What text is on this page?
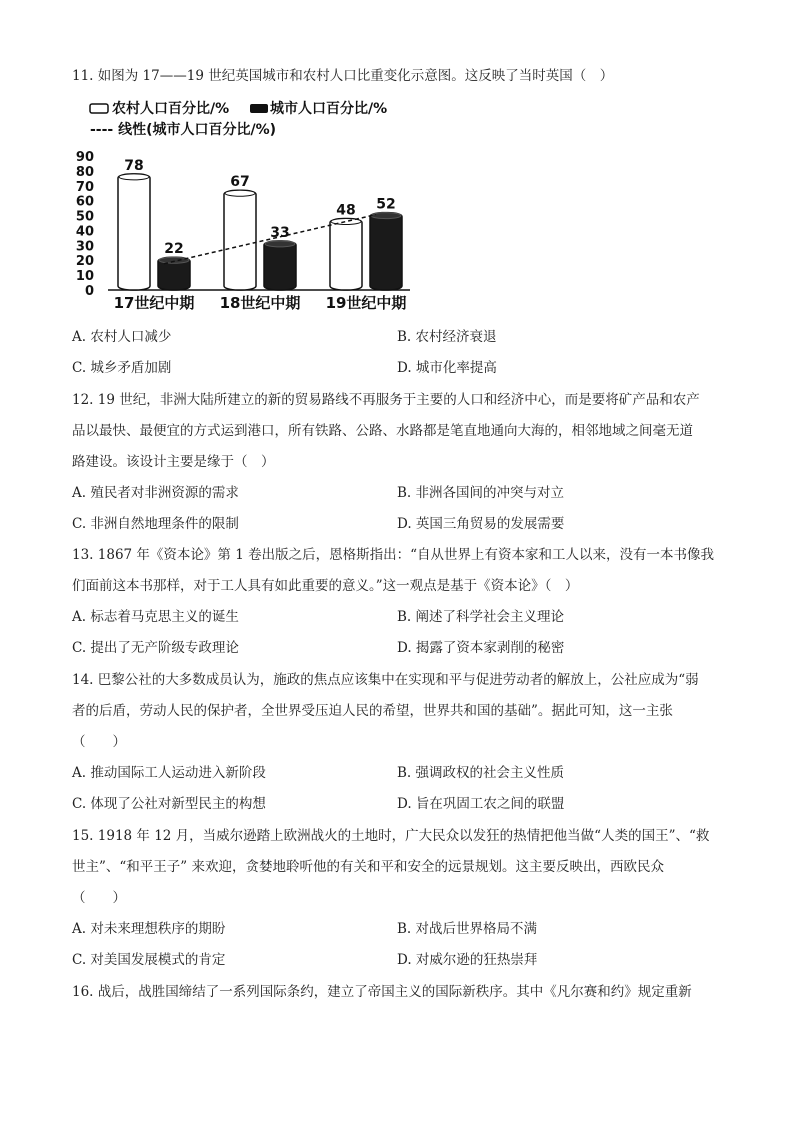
11. 如图为 17——19 世纪英国城市和农村人口比重变化示意图。这反映了当时英国（　）
农村人口百分比/%	城市人口百分比/%
---- 线性(城市人口百分比/%)
0
10
20
30
40
50
60
70
80
90
78
22
67
33
48 52
17世纪中期 18世纪中期 19世纪中期
A. 农村人口减少	B. 农村经济衰退
C. 城乡矛盾加剧	D. 城市化率提高
12. 19 世纪，非洲大陆所建立的新的贸易路线不再服务于主要的人口和经济中心，而是要将矿产品和农产
品以最快、最便宜的方式运到港口，所有铁路、公路、水路都是笔直地通向大海的，相邻地域之间毫无道
路建设。该设计主要是缘于（　）
A. 殖民者对非洲资源的需求	B. 非洲各国间的冲突与对立
C. 非洲自然地理条件的限制	D. 英国三角贸易的发展需要
13. 1867 年《资本论》第 1 卷出版之后，恩格斯指出：“自从世界上有资本家和工人以来，没有一本书像我
们面前这本书那样，对于工人具有如此重要的意义。”这一观点是基于《资本论》（　）
A. 标志着马克思主义的诞生	B. 阐述了科学社会主义理论
C. 提出了无产阶级专政理论	D. 揭露了资本家剥削的秘密
14. 巴黎公社的大多数成员认为，施政的焦点应该集中在实现和平与促进劳动者的解放上，公社应成为“弱
者的后盾，劳动人民的保护者，全世界受压迫人民的希望，世界共和国的基础”。据此可知，这一主张
（　　）
A. 推动国际工人运动进入新阶段	B. 强调政权的社会主义性质
C. 体现了公社对新型民主的构想	D. 旨在巩固工农之间的联盟
15. 1918 年 12 月，当威尔逊踏上欧洲战火的土地时，广大民众以发狂的热情把他当做“人类的国王”、“救
世主”、“和平王子” 来欢迎，贪婪地聆听他的有关和平和安全的远景规划。这主要反映出，西欧民众
（　　）
A. 对未来理想秩序的期盼	B. 对战后世界格局不满
C. 对美国发展模式的肯定	D. 对威尔逊的狂热崇拜
16. 战后，战胜国缔结了一系列国际条约，建立了帝国主义的国际新秩序。其中《凡尔赛和约》规定重新
